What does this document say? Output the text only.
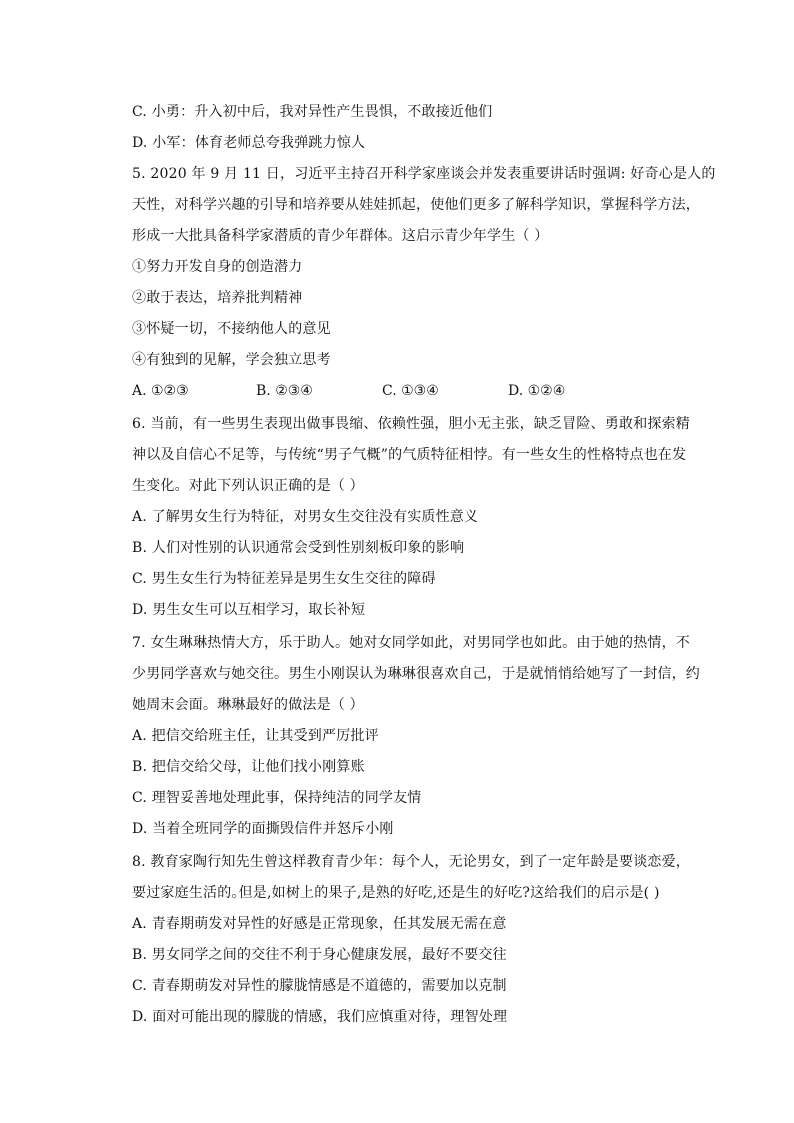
C. 小勇：升入初中后，我对异性产生畏惧，不敢接近他们
D. 小军：体育老师总夸我弹跳力惊人
5. 2020 年 9 月 11 日，习近平主持召开科学家座谈会并发表重要讲话时强调: 好奇心是人的
天性，对科学兴趣的引导和培养要从娃娃抓起，使他们更多了解科学知识，掌握科学方法，
形成一大批具备科学家潜质的青少年群体。这启示青少年学生（ ）
①努力开发自身的创造潜力
②敢于表达，培养批判精神
③怀疑一切，不接纳他人的意见
④有独到的见解，学会独立思考
A. ①②③	B. ②③④	C. ①③④	D. ①②④
6. 当前，有一些男生表现出做事畏缩、依赖性强，胆小无主张，缺乏冒险、勇敢和探索精
神以及自信心不足等，与传统“男子气概”的气质特征相悖。有一些女生的性格特点也在发
生变化。对此下列认识正确的是（ ）
A. 了解男女生行为特征，对男女生交往没有实质性意义
B. 人们对性别的认识通常会受到性别刻板印象的影响
C. 男生女生行为特征差异是男生女生交往的障碍
D. 男生女生可以互相学习，取长补短
7. 女生琳琳热情大方，乐于助人。她对女同学如此，对男同学也如此。由于她的热情，不
少男同学喜欢与她交往。男生小刚误认为琳琳很喜欢自己，于是就悄悄给她写了一封信，约
她周末会面。琳琳最好的做法是（ ）
A. 把信交给班主任，让其受到严厉批评
B. 把信交给父母，让他们找小刚算账
C. 理智妥善地处理此事，保持纯洁的同学友情
D. 当着全班同学的面撕毁信件并怒斥小刚
8. 教育家陶行知先生曾这样教育青少年：每个人，无论男女，到了一定年龄是要谈恋爱，
要过家庭生活的｡但是,如树上的果子,是熟的好吃,还是生的好吃?这给我们的启示是( )
A. 青春期萌发对异性的好感是正常现象，任其发展无需在意
B. 男女同学之间的交往不利于身心健康发展，最好不要交往
C. 青春期萌发对异性的朦胧情感是不道德的，需要加以克制
D. 面对可能出现的朦胧的情感，我们应慎重对待，理智处理
